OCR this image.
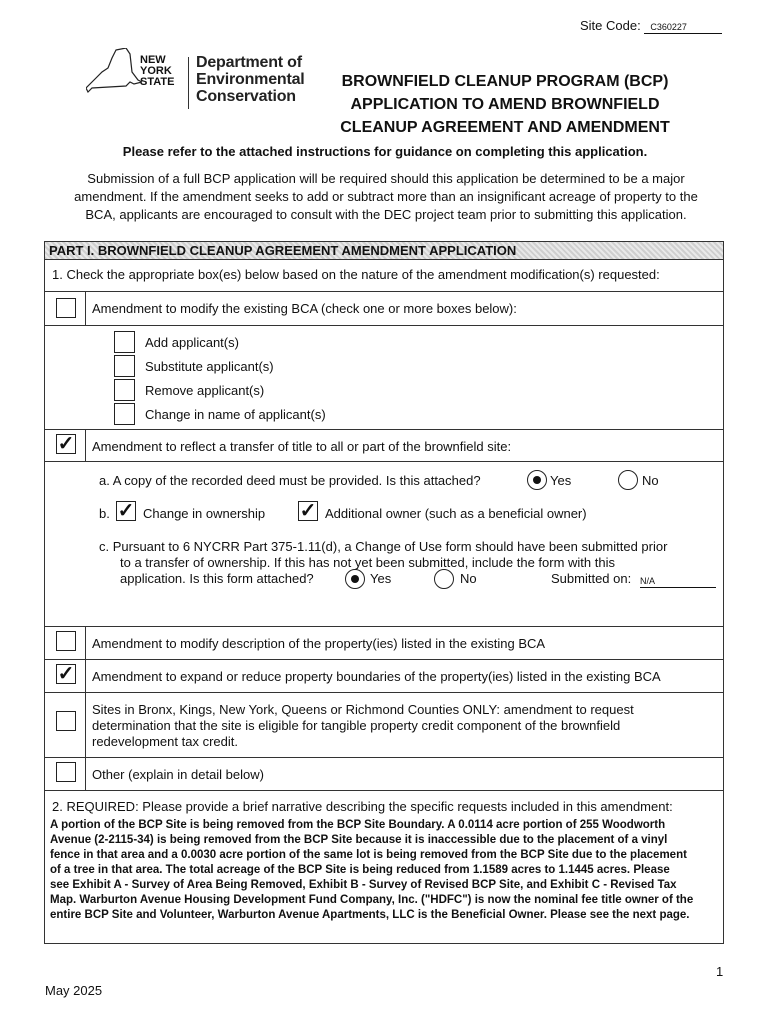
Site Code: C360227
NEW
YORK
STATE
Department of
Environmental
Conservation
BROWNFIELD CLEANUP PROGRAM (BCP)
APPLICATION TO AMEND BROWNFIELD
CLEANUP AGREEMENT AND AMENDMENT
Please refer to the attached instructions for guidance on completing this application.
Submission of a full BCP application will be required should this application be determined to be a major
amendment. If the amendment seeks to add or subtract more than an insignificant acreage of property to the
BCA, applicants are encouraged to consult with the DEC project team prior to submitting this application.
PART I. BROWNFIELD CLEANUP AGREEMENT AMENDMENT APPLICATION
1. Check the appropriate box(es) below based on the nature of the amendment modification(s) requested:
Amendment to modify the existing BCA (check one or more boxes below):
Add applicant(s)
Substitute applicant(s)
Remove applicant(s)
Change in name of applicant(s)
✓ Amendment to reflect a transfer of title to all or part of the brownfield site:
a. A copy of the recorded deed must be provided. Is this attached?	Yes	No
b. ✓ Change in ownership ✓ Additional owner (such as a beneficial owner)
c. Pursuant to 6 NYCRR Part 375-1.11(d), a Change of Use form should have been submitted prior
to a transfer of ownership. If this has not yet been submitted, include the form with this
application. Is this form attached?	Yes	No	Submitted on: N/A
Amendment to modify description of the property(ies) listed in the existing BCA
✓ Amendment to expand or reduce property boundaries of the property(ies) listed in the existing BCA
Sites in Bronx, Kings, New York, Queens or Richmond Counties ONLY: amendment to request
determination that the site is eligible for tangible property credit component of the brownfield
redevelopment tax credit.
Other (explain in detail below)
2. REQUIRED: Please provide a brief narrative describing the specific requests included in this amendment:
A portion of the BCP Site is being removed from the BCP Site Boundary. A 0.0114 acre portion of 255 Woodworth
Avenue (2-2115-34) is being removed from the BCP Site because it is inaccessible due to the placement of a vinyl
fence in that area and a 0.0030 acre portion of the same lot is being removed from the BCP Site due to the placement
of a tree in that area. The total acreage of the BCP Site is being reduced from 1.1589 acres to 1.1445 acres. Please
see Exhibit A - Survey of Area Being Removed, Exhibit B - Survey of Revised BCP Site, and Exhibit C - Revised Tax
Map. Warburton Avenue Housing Development Fund Company, Inc. ("HDFC") is now the nominal fee title owner of the
entire BCP Site and Volunteer, Warburton Avenue Apartments, LLC is the Beneficial Owner. Please see the next page.
1
May 2025
